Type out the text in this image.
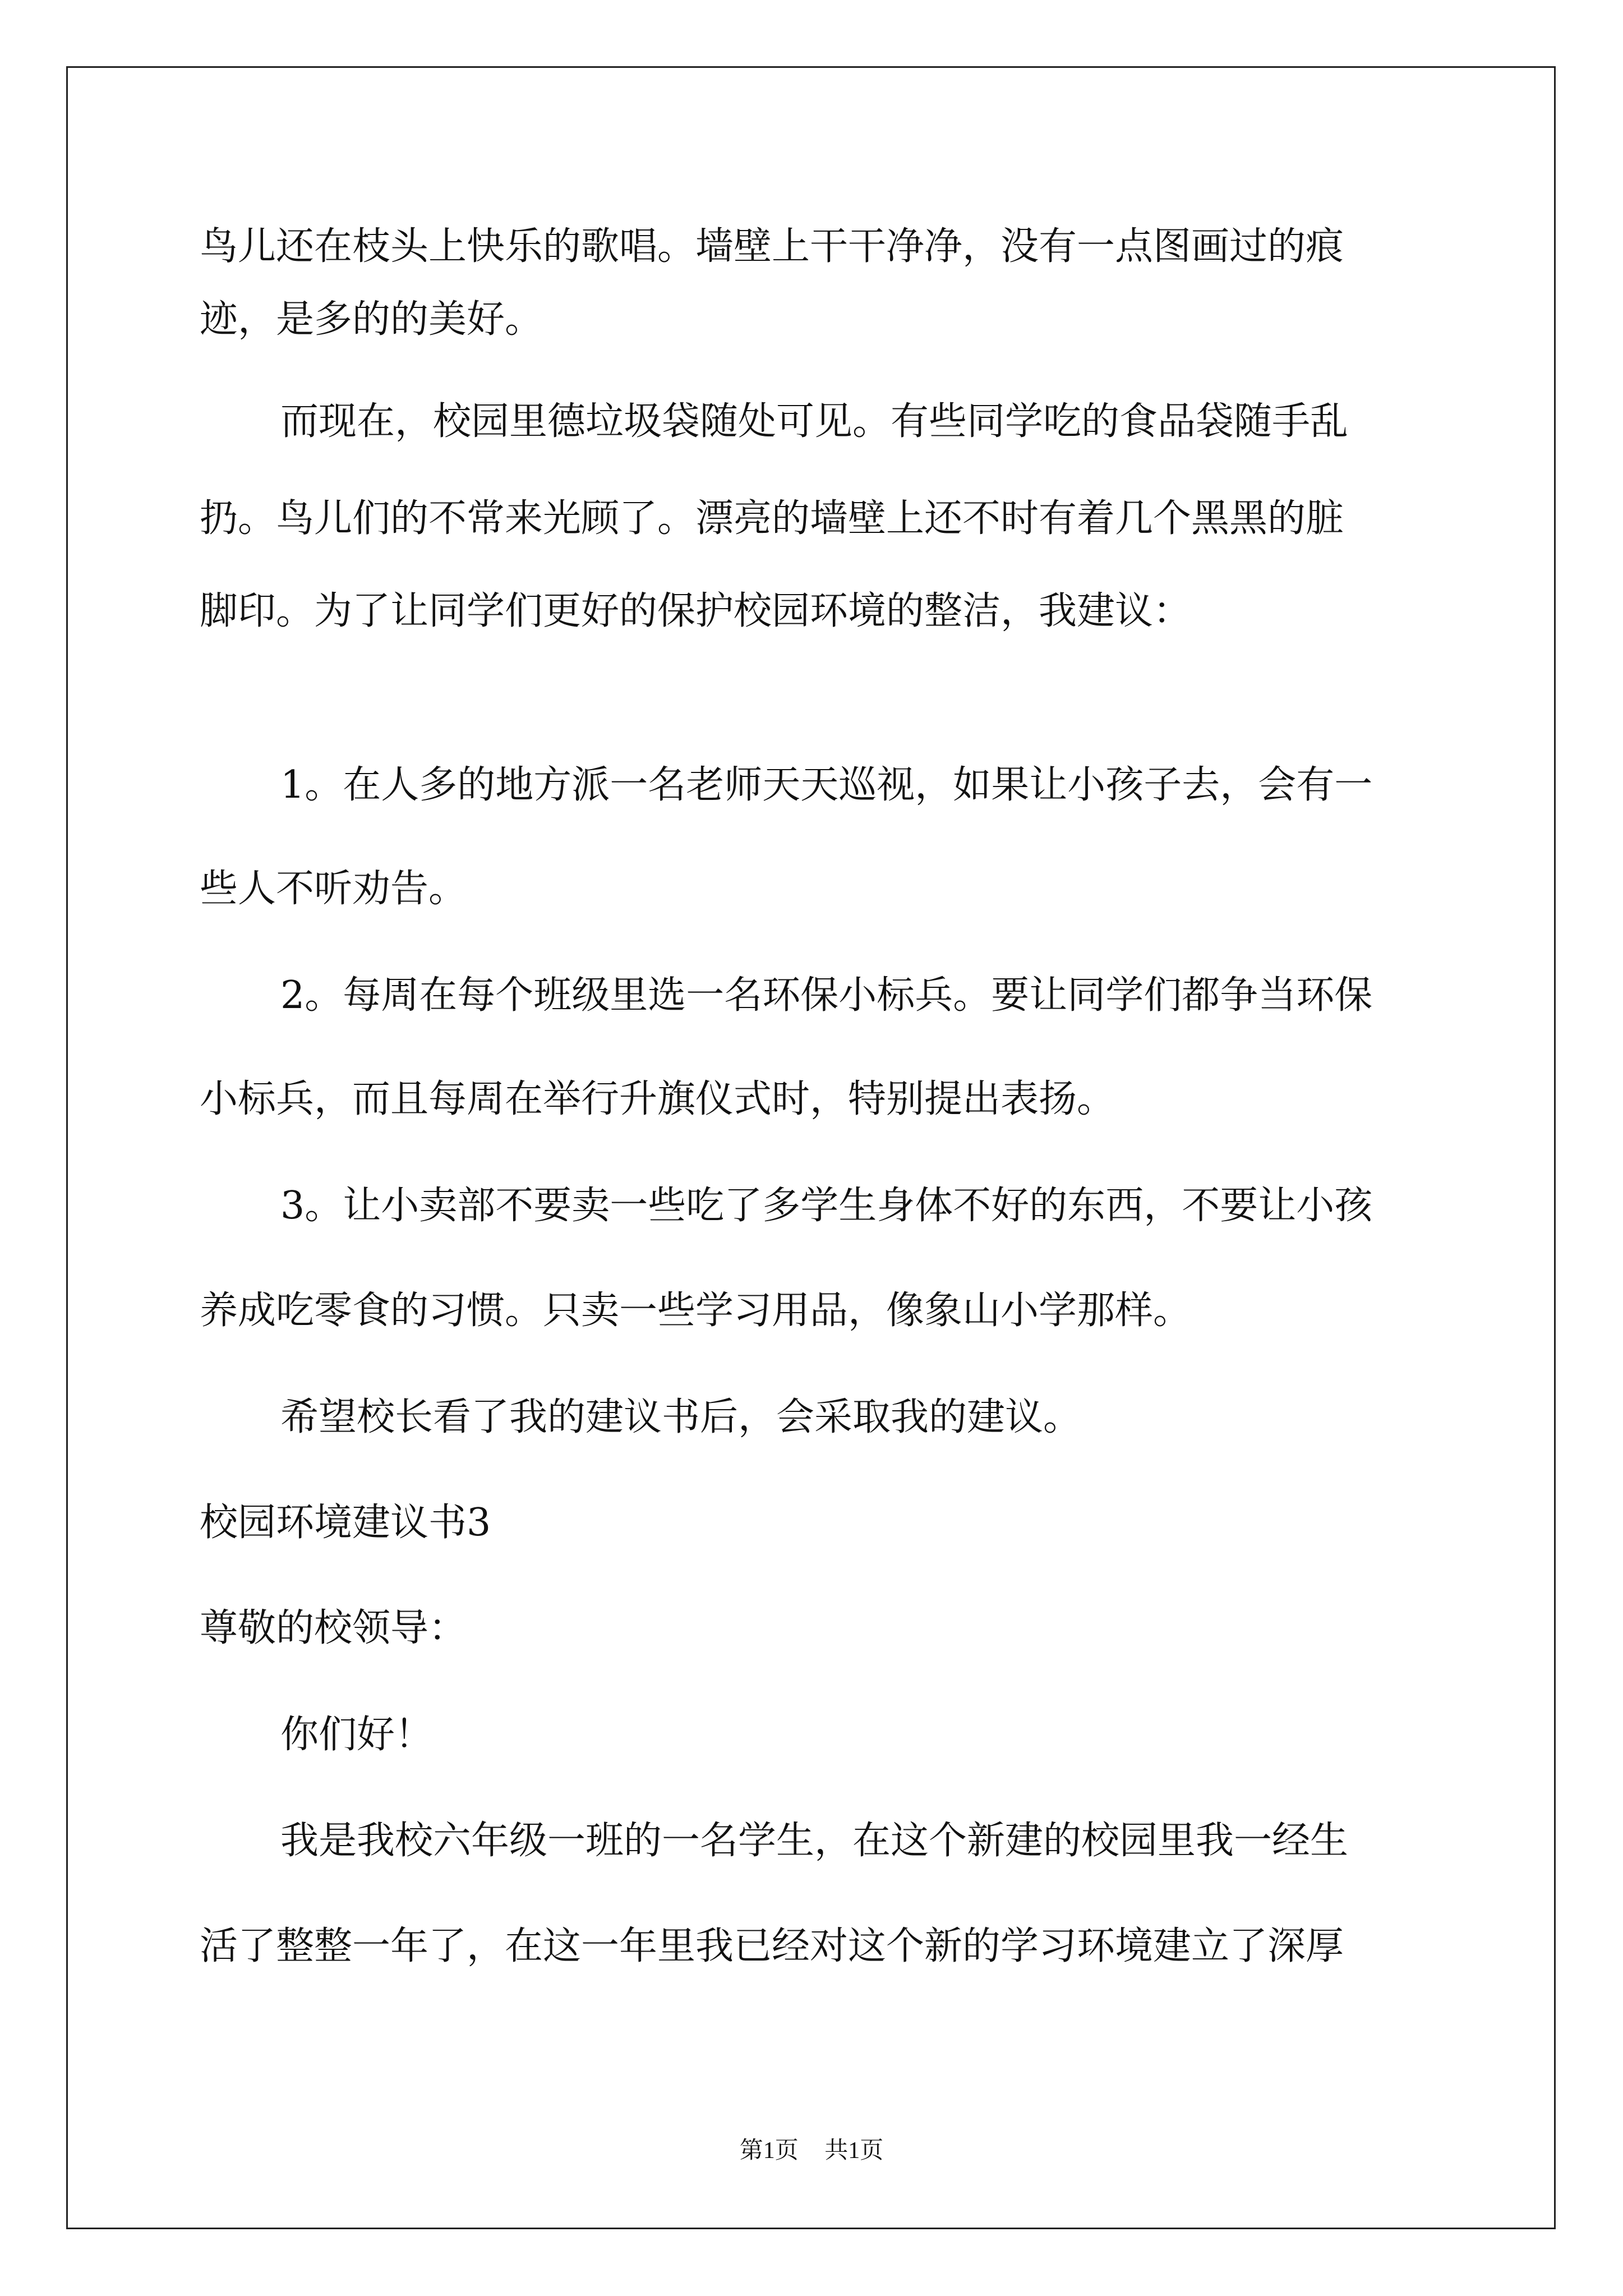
鸟儿还在枝头上快乐的歌唱。墙壁上干干净净，没有一点图画过的痕
迹，是多的的美好。
而现在，校园里德垃圾袋随处可见。有些同学吃的食品袋随手乱
扔。鸟儿们的不常来光顾了。漂亮的墙壁上还不时有着几个黑黑的脏
脚印。为了让同学们更好的保护校园环境的整洁，我建议：
1。在人多的地方派一名老师天天巡视，如果让小孩子去，会有一
些人不听劝告。
2。每周在每个班级里选一名环保小标兵。要让同学们都争当环保
小标兵，而且每周在举行升旗仪式时，特别提出表扬。
3。让小卖部不要卖一些吃了多学生身体不好的东西，不要让小孩
养成吃零食的习惯。只卖一些学习用品，像象山小学那样。
希望校长看了我的建议书后，会采取我的建议。
校园环境建议书3
尊敬的校领导：
你们好！
我是我校六年级一班的一名学生，在这个新建的校园里我一经生
活了整整一年了，在这一年里我已经对这个新的学习环境建立了深厚
第1页 共1页
